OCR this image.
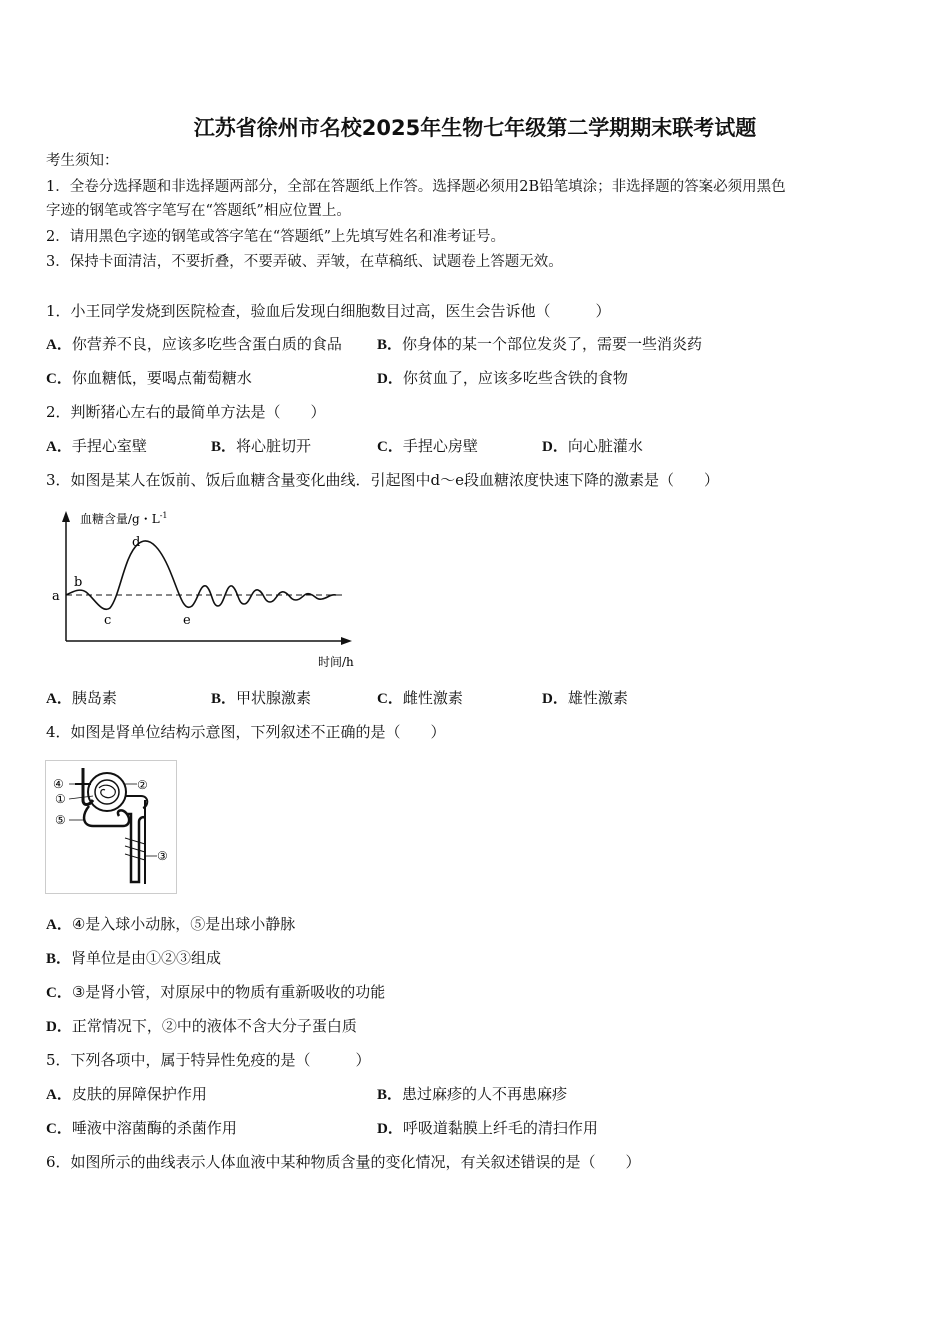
江苏省徐州市名校2025年生物七年级第二学期期末联考试题
考生须知：
1．全卷分选择题和非选择题两部分，全部在答题纸上作答。选择题必须用2B铅笔填涂；非选择题的答案必须用黑色
字迹的钢笔或答字笔写在“答题纸”相应位置上。
2．请用黑色字迹的钢笔或答字笔在“答题纸”上先填写姓名和准考证号。
3．保持卡面清洁，不要折叠，不要弄破、弄皱，在草稿纸、试题卷上答题无效。
1．小王同学发烧到医院检查，验血后发现白细胞数目过高，医生会告诉他（　　　）
A．你营养不良，应该多吃些含蛋白质的食品 B．你身体的某一个部位发炎了，需要一些消炎药
C．你血糖低，要喝点葡萄糖水	D．你贫血了，应该多吃些含铁的食物
2．判断猪心左右的最简单方法是（　　）
A．手捏心室壁	B．将心脏切开	C．手捏心房壁	D．向心脏灌水
3．如图是某人在饭前、饭后血糖含量变化曲线．引起图中d～e段血糖浓度快速下降的激素是（　　）
血糖含量/g・$L^{-1}$
时间/h
a
b
c
d
e
A．胰岛素	B．甲状腺激素	C．雌性激素	D．雄性激素
4．如图是肾单位结构示意图，下列叙述不正确的是（　　）
④	②
①
⑤
③
A．④是入球小动脉，⑤是出球小静脉
B．肾单位是由①②③组成
C．③是肾小管，对原尿中的物质有重新吸收的功能
D．正常情况下，②中的液体不含大分子蛋白质
5．下列各项中，属于特异性免疫的是（　　　）
A．皮肤的屏障保护作用	B．患过麻疹的人不再患麻疹
C．唾液中溶菌酶的杀菌作用	D．呼吸道黏膜上纤毛的清扫作用
6．如图所示的曲线表示人体血液中某种物质含量的变化情况，有关叙述错误的是（　　）
